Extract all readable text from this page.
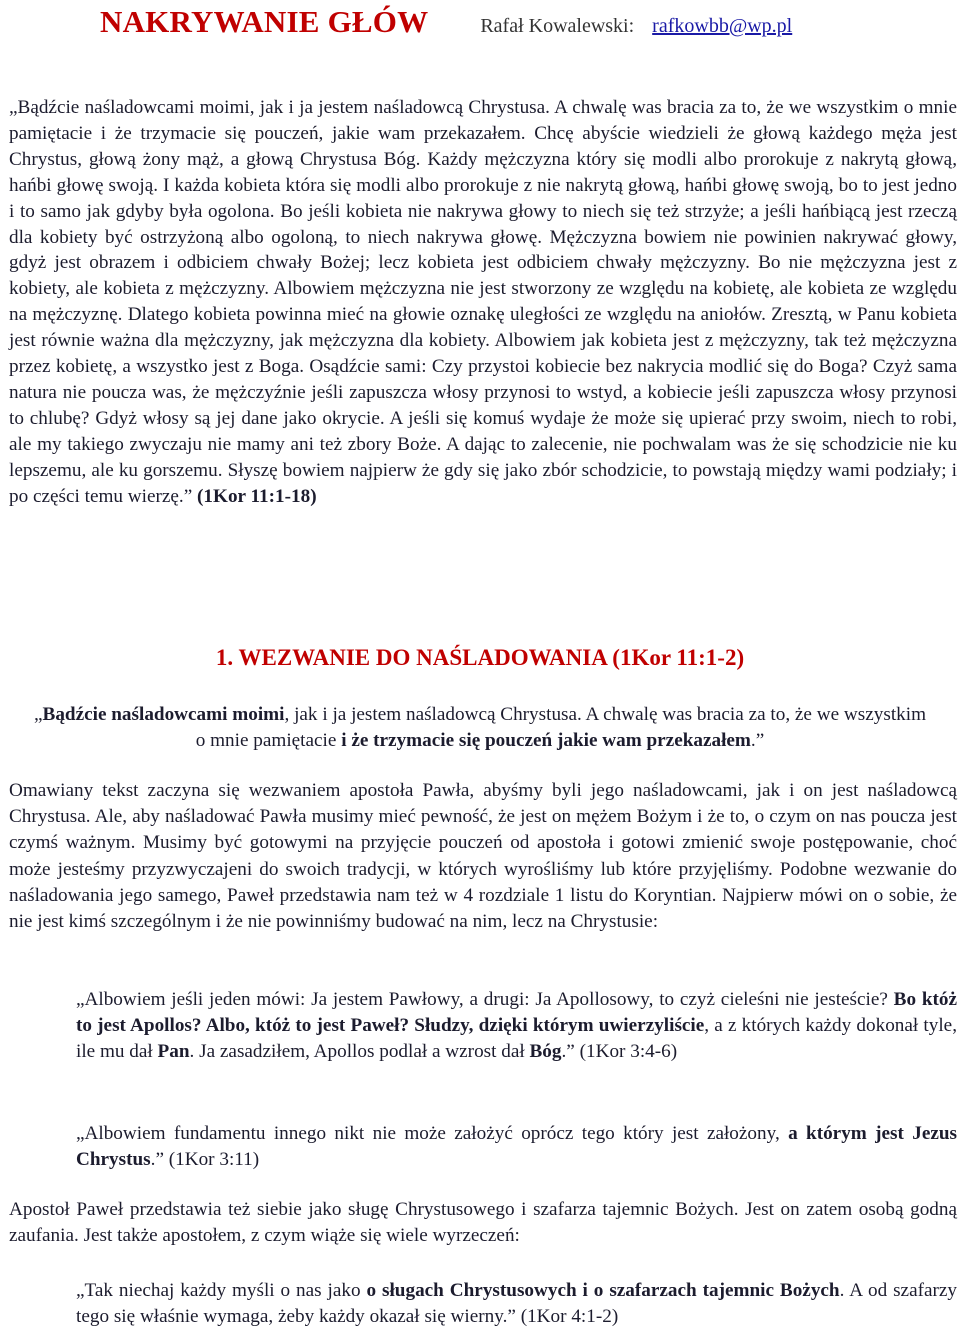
NAKRYWANIE GŁÓW	Rafał Kowalewski: rafkowbb@wp.pl

„Bądźcie naśladowcami moimi, jak i ja jestem naśladowcą Chrystusa. A chwalę was bracia za to, że we wszystkim o mnie pamiętacie i że trzymacie się pouczeń, jakie wam przekazałem. Chcę abyście wiedzieli że głową każdego męża jest Chrystus, głową żony mąż, a głową Chrystusa Bóg. Każdy mężczyzna który się modli albo prorokuje z nakrytą głową, hańbi głowę swoją. I każda kobieta która się modli albo prorokuje z nie nakrytą głową, hańbi głowę swoją, bo to jest jedno i to samo jak gdyby była ogolona. Bo jeśli kobieta nie nakrywa głowy to niech się też strzyże; a jeśli hańbiącą jest rzeczą dla kobiety być ostrzyżoną albo ogoloną, to niech nakrywa głowę. Mężczyzna bowiem nie powinien nakrywać głowy, gdyż jest obrazem i odbiciem chwały Bożej; lecz kobieta jest odbiciem chwały mężczyzny. Bo nie mężczyzna jest z kobiety, ale kobieta z mężczyzny. Albowiem mężczyzna nie jest stworzony ze względu na kobietę, ale kobieta ze względu na mężczyznę. Dlatego kobieta powinna mieć na głowie oznakę uległości ze względu na aniołów. Zresztą, w Panu kobieta jest równie ważna dla mężczyzny, jak mężczyzna dla kobiety. Albowiem jak kobieta jest z mężczyzny, tak też mężczyzna przez kobietę, a wszystko jest z Boga. Osądźcie sami: Czy przystoi kobiecie bez nakrycia modlić się do Boga? Czyż sama natura nie poucza was, że mężczyźnie jeśli zapuszcza włosy przynosi to wstyd, a kobiecie jeśli zapuszcza włosy przynosi to chlubę? Gdyż włosy są jej dane jako okrycie. A jeśli się komuś wydaje że może się upierać przy swoim, niech to robi, ale my takiego zwyczaju nie mamy ani też zbory Boże. A dając to zalecenie, nie pochwalam was że się schodzicie nie ku lepszemu, ale ku gorszemu. Słyszę bowiem najpierw że gdy się jako zbór schodzicie, to powstają między wami podziały; i po części temu wierzę.” (1Kor 11:1-18)

1. WEZWANIE DO NAŚLADOWANIA (1Kor 11:1-2)

„Bądźcie naśladowcami moimi, jak i ja jestem naśladowcą Chrystusa. A chwalę was bracia za to, że we wszystkim o mnie pamiętacie i że trzymacie się pouczeń jakie wam przekazałem.”

Omawiany tekst zaczyna się wezwaniem apostoła Pawła, abyśmy byli jego naśladowcami, jak i on jest naśladowcą Chrystusa. Ale, aby naśladować Pawła musimy mieć pewność, że jest on mężem Bożym i że to, o czym on nas poucza jest czymś ważnym. Musimy być gotowymi na przyjęcie pouczeń od apostoła i gotowi zmienić swoje postępowanie, choć może jesteśmy przyzwyczajeni do swoich tradycji, w których wyrośliśmy lub które przyjęliśmy. Podobne wezwanie do naśladowania jego samego, Paweł przedstawia nam też w 4 rozdziale 1 listu do Koryntian. Najpierw mówi on o sobie, że nie jest kimś szczególnym i że nie powinniśmy budować na nim, lecz na Chrystusie:

„Albowiem jeśli jeden mówi: Ja jestem Pawłowy, a drugi: Ja Apollosowy, to czyż cieleśni nie jesteście? Bo któż to jest Apollos? Albo, któż to jest Paweł? Słudzy, dzięki którym uwierzyliście, a z których każdy dokonał tyle, ile mu dał Pan. Ja zasadziłem, Apollos podlał a wzrost dał Bóg.” (1Kor 3:4-6)

„Albowiem fundamentu innego nikt nie może założyć oprócz tego który jest założony, a którym jest Jezus Chrystus.” (1Kor 3:11)

Apostoł Paweł przedstawia też siebie jako sługę Chrystusowego i szafarza tajemnic Bożych. Jest on zatem osobą godną zaufania. Jest także apostołem, z czym wiąże się wiele wyrzeczeń:

„Tak niechaj każdy myśli o nas jako o sługach Chrystusowych i o szafarzach tajemnic Bożych. A od szafarzy tego się właśnie wymaga, żeby każdy okazał się wierny.” (1Kor 4:1-2)
